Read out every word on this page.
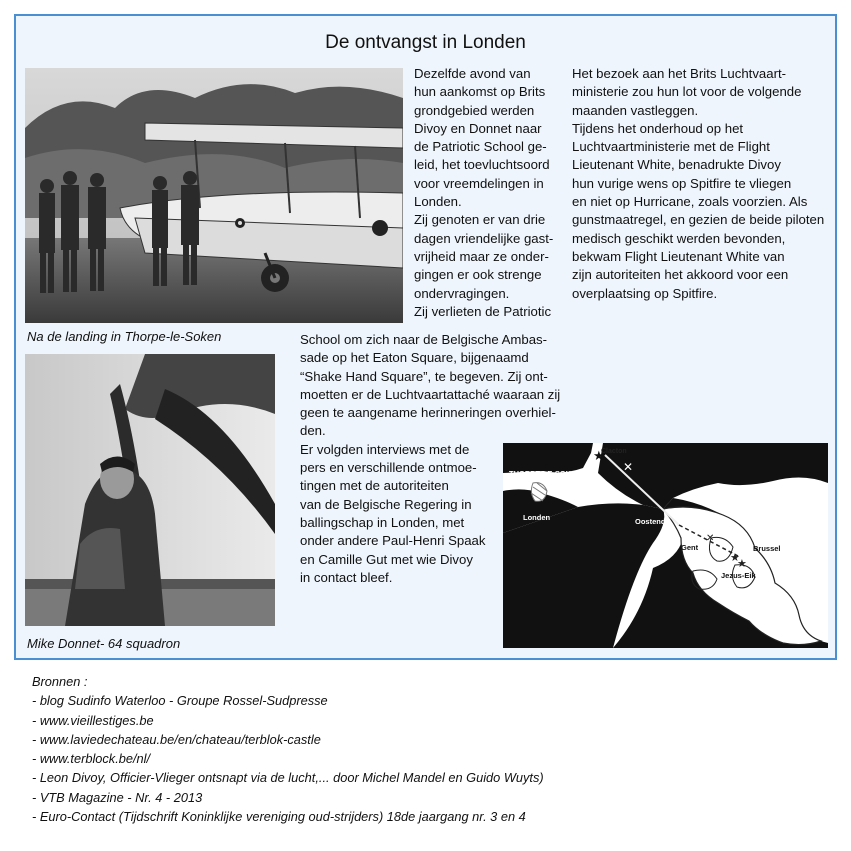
De ontvangst in Londen
Na de landing in Thorpe-le-Soken
Mike Donnet- 64 squadron
Dezelfde avond van
hun aankomst op Brits
grondgebied werden
Divoy en Donnet naar
de Patriotic School ge-
leid, het toevluchtsoord
voor vreemdelingen in
Londen.
Zij genoten er van drie
dagen vriendelijke gast-
vrijheid maar ze onder-
gingen er ook strenge
ondervragingen.
Zij verlieten de Patriotic
School om zich naar de Belgische Ambas-
sade op het Eaton Square, bijgenaamd
“Shake Hand Square”, te begeven. Zij ont-
moetten er de Luchtvaartattaché waaraan zij
geen te aangename herinneringen overhiel-
den.
Er volgden interviews met de
pers en verschillende ontmoe-
tingen met de autoriteiten
van de Belgische Regering in
ballingschap in Londen, met
onder andere Paul-Henri Spaak
en Camille Gut met wie Divoy
in contact bleef.
Het bezoek aan het Brits Luchtvaart-
ministerie zou hun lot voor de volgende
maanden vastleggen.
Tijdens het onderhoud op het
Luchtvaartministerie met de Flight
Lieutenant White, benadrukte Divoy
hun vurige wens op Spitfire te vliegen
en niet op Hurricane, zoals voorzien. Als
gunstmaatregel, en gezien de beide piloten
medisch geschikt werden bevonden,
bekwam Flight Lieutenant White van
zijn autoriteiten het akkoord voor een
overplaatsing op Spitfire.
✕
✕
★
★
★
Clacton
THORPE-LE-SOKEN
Londen	Oostende
Gent	Brussel
Jezus-Eik
Bronnen :
- blog Sudinfo Waterloo - Groupe Rossel-Sudpresse
- www.vieillestiges.be
- www.laviedechateau.be/en/chateau/terblok-castle
- www.terblock.be/nl/
- Leon Divoy, Officier-Vlieger ontsnapt via de lucht,... door Michel Mandel en Guido Wuyts)
- VTB Magazine - Nr. 4 - 2013
- Euro-Contact (Tijdschrift Koninklijke vereniging oud-strijders) 18de jaargang nr. 3 en 4
